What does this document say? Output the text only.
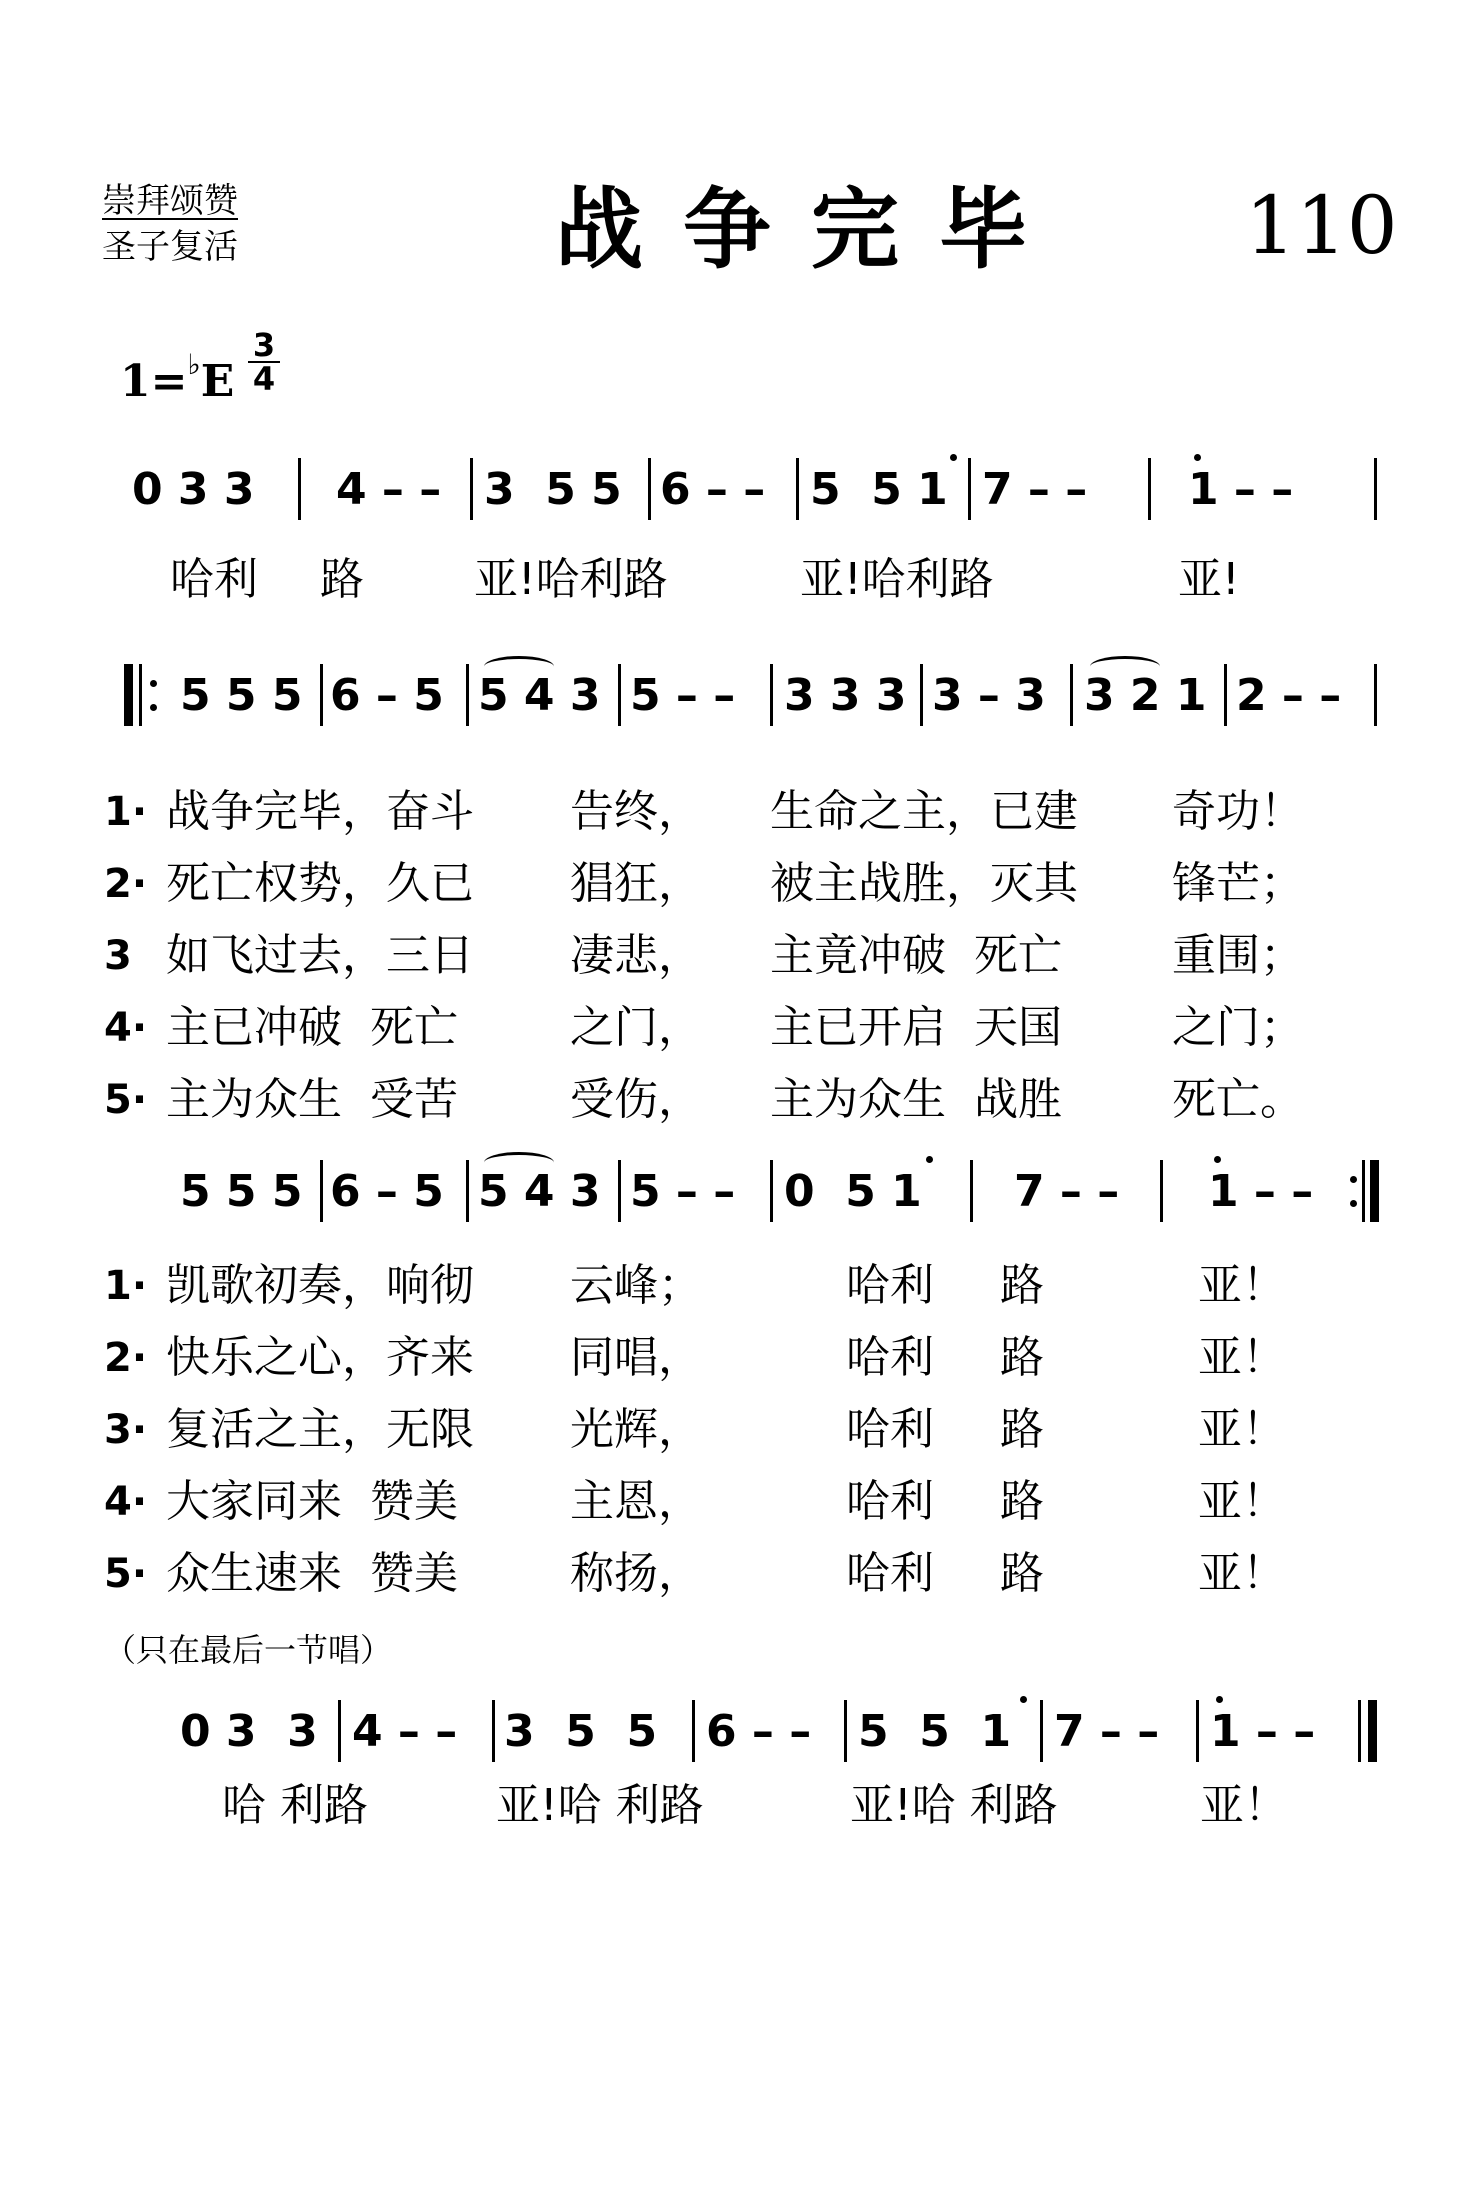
崇拜颂赞
圣子复活	战争完毕 110
1=♭E
3
4
0 3 3 4 – – 3  5 5 6 – – 5  5 1 7 – – 1 – –
哈利 路	亚!哈利路	亚!哈利路	亚!
5 5 5 6 – 5 5 4 3 5 – – 3 3 3 3 – 3 3 2 1 2 – –
1· 战争完毕，奋斗 告终， 生命之主，已建 奇功！
2· 死亡权势，久已 猖狂， 被主战胜，灭其 锋芒；
3 如飞过去，三日 凄悲， 主竟冲破  死亡	重围；
4· 主已冲破  死亡	之门， 主已开启  天国	之门；
5· 主为众生  受苦	受伤， 主为众生  战胜	死亡。
5 5 5 6 – 5 5 4 3 5 – – 0  5 1 7 – – 1 – –
1· 凯歌初奏，响彻 云峰；	哈利 路	亚！
2· 快乐之心，齐来 同唱，	哈利 路	亚！
3· 复活之主，无限 光辉，	哈利 路	亚！
4· 大家同来  赞美	主恩，	哈利 路	亚！
5· 众生速来  赞美	称扬，	哈利 路	亚！
（只在最后一节唱）
0 3  3 4 – – 3  5  5 6 – – 5  5  1 7 – – 1 – –
哈 利路	亚!哈 利路	亚!哈 利路	亚！
